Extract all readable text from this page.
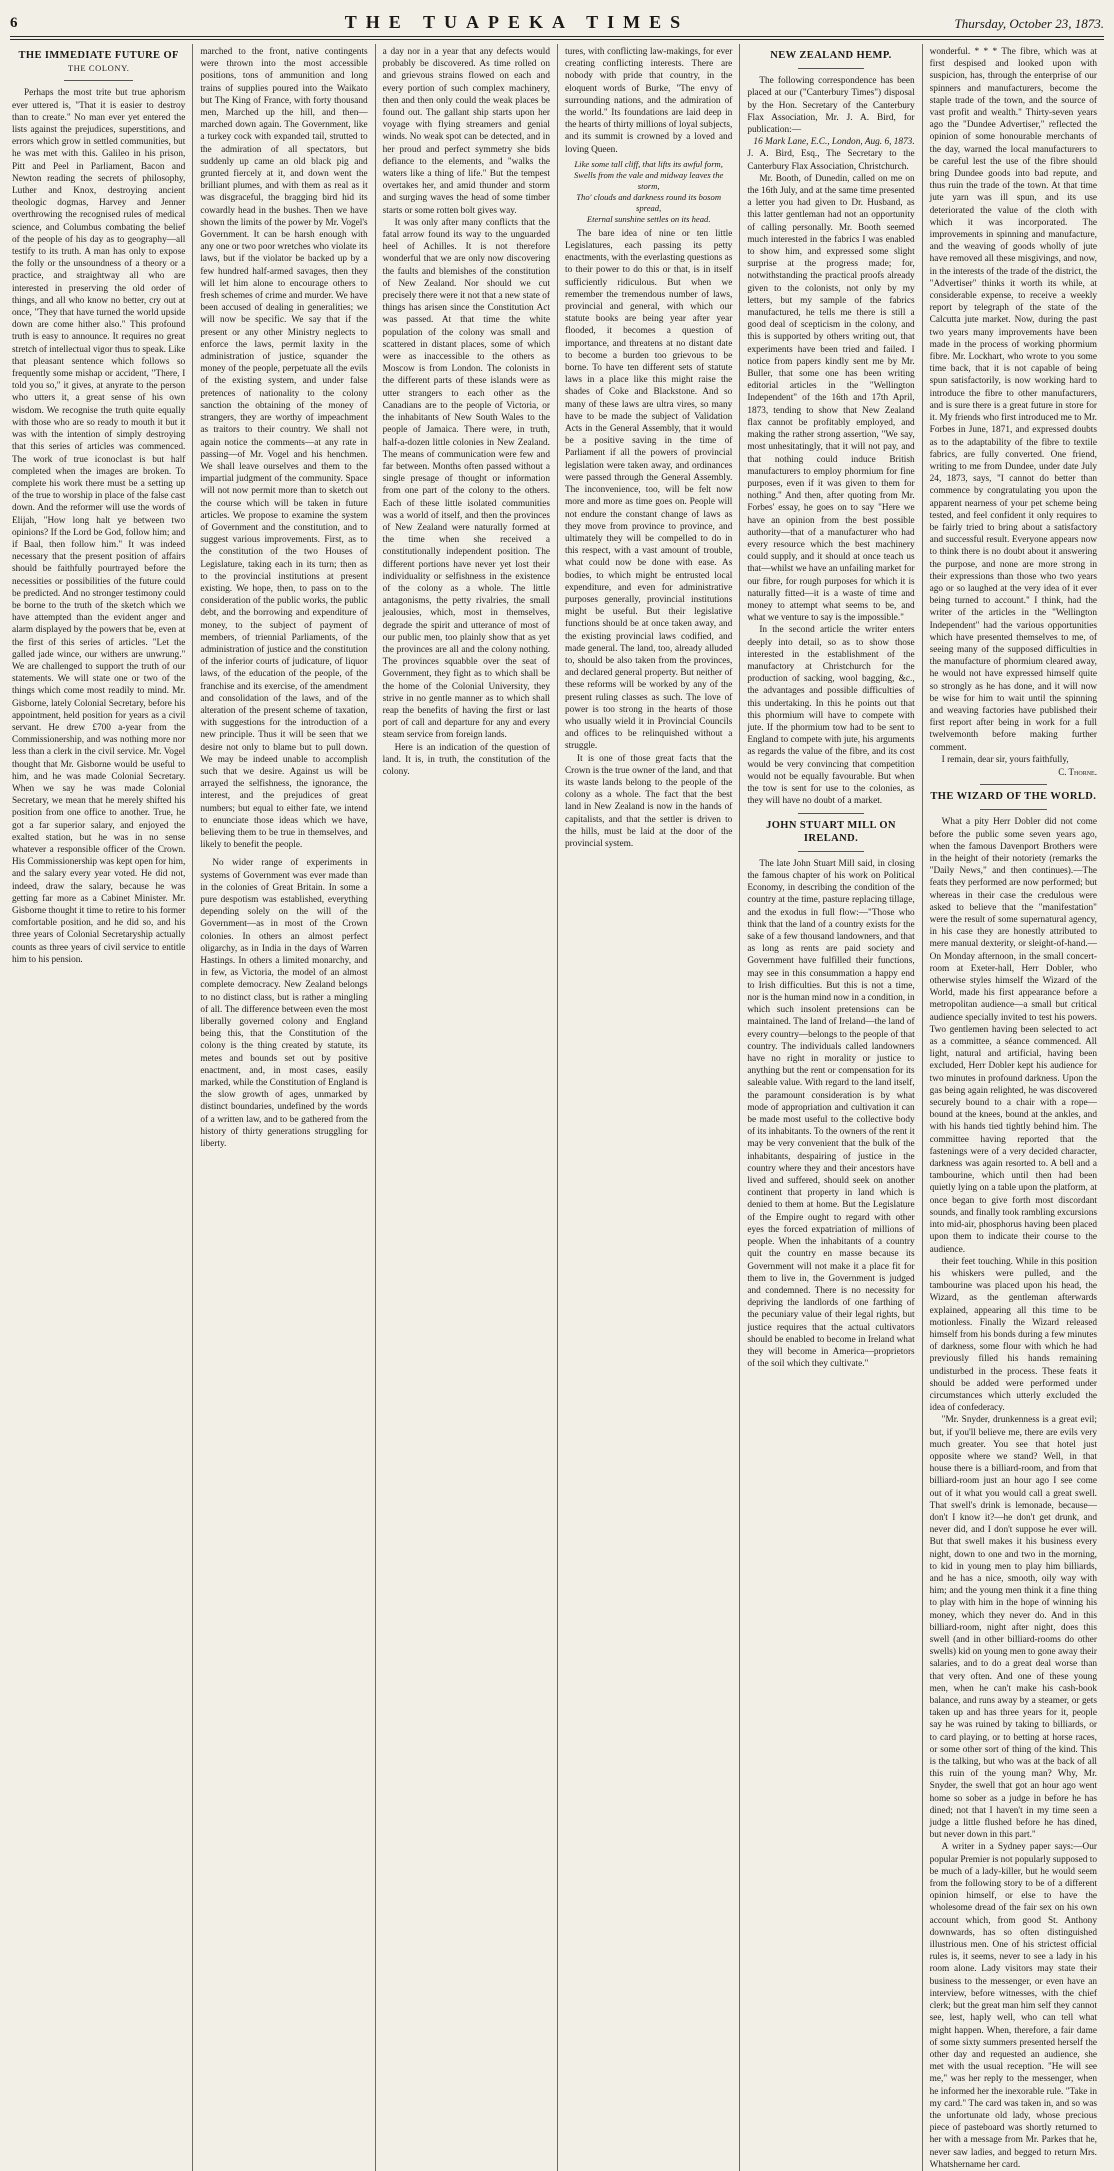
6	THE TUAPEKA TIMES	Thursday, October 23, 1873.
THE IMMEDIATE FUTURE OF
THE COLONY.

Perhaps the most trite but true aphorism ever uttered is, "That it is easier to destroy than to create." No man ever yet entered the lists against the prejudices, superstitions, and errors which grow in settled communities, but he was met with this. Galileo in his prison, Pitt and Peel in Parliament, Bacon and Newton reading the secrets of philosophy, Luther and Knox, destroying ancient theologic dogmas, Harvey and Jenner overthrowing the recognised rules of medical science, and Columbus combating the belief of the people of his day as to geography—all testify to its truth. A man has only to expose the folly or the unsoundness of a theory or a practice, and straightway all who are interested in preserving the old order of things, and all who know no better, cry out at once, "They that have turned the world upside down are come hither also." This profound truth is easy to announce. It requires no great stretch of intellectual vigor thus to speak. Like that pleasant sentence which follows so frequently some mishap or accident, "There, I told you so," it gives, at anyrate to the person who utters it, a great sense of his own wisdom. We recognise the truth quite equally with those who are so ready to mouth it but it was with the intention of simply destroying that this series of articles was commenced. The work of true iconoclast is but half completed when the images are broken. To complete his work there must be a setting up of the true to worship in place of the false cast down. And the reformer will use the words of Elijah, "How long halt ye between two opinions? If the Lord be God, follow him; and if Baal, then follow him." It was indeed necessary that the present position of affairs should be faithfully pourtrayed before the necessities or possibilities of the future could be predicted. And no stronger testimony could be borne to the truth of the sketch which we have attempted than the evident anger and alarm displayed by the powers that be, even at the first of this series of articles. "Let the galled jade wince, our withers are unwrung." We are challenged to support the truth of our statements. We will state one or two of the things which come most readily to mind. Mr. Gisborne, lately Colonial Secretary, before his appointment, held position for years as a civil servant. He drew £700 a-year from the Commissionership, and was nothing more nor less than a clerk in the civil service. Mr. Vogel thought that Mr. Gisborne would be useful to him, and he was made Colonial Secretary. When we say he was made Colonial Secretary, we mean that he merely shifted his position from one office to another. True, he got a far superior salary, and enjoyed the exalted station, but he was in no sense whatever a responsible officer of the Crown. His Commissionership was kept open for him, and the salary every year voted. He did not, indeed, draw the salary, because he was getting far more as a Cabinet Minister. Mr. Gisborne thought it time to retire to his former comfortable position, and he did so, and his three years of Colonial Secretaryship actually counts as three years of civil service to entitle him to his pension.

marched to the front, native contingents were thrown into the most accessible positions, tons of ammunition and long trains of supplies poured into the Waikato but The King of France, with forty thousand men, Marched up the hill, and then—marched down again. The Government, like a turkey cock with expanded tail, strutted to the admiration of all spectators, but suddenly up came an old black pig and grunted fiercely at it, and down went the brilliant plumes, and with them as real as it was disgraceful, the bragging bird hid its cowardly head in the bushes. Then we have shown the limits of the power by Mr. Vogel's Government. It can be harsh enough with any one or two poor wretches who violate its laws, but if the violator be backed up by a few hundred half-armed savages, then they will let him alone to encourage others to fresh schemes of crime and murder. We have been accused of dealing in generalities; we will now be specific. We say that if the present or any other Ministry neglects to enforce the laws, permit laxity in the administration of justice, squander the money of the people, perpetuate all the evils of the existing system, and under false pretences of nationality to the colony sanction the obtaining of the money of strangers, they are worthy of impeachment as traitors to their country. We shall not again notice the comments—at any rate in passing—of Mr. Vogel and his henchmen. We shall leave ourselves and them to the impartial judgment of the community. Space will not now permit more than to sketch out the course which will be taken in future articles. We propose to examine the system of Government and the constitution, and to suggest various improvements. First, as to the constitution of the two Houses of Legislature, taking each in its turn; then as to the provincial institutions at present existing. We hope, then, to pass on to the consideration of the public works, the public debt, and the borrowing and expenditure of money, to the subject of payment of members, of triennial Parliaments, of the administration of justice and the constitution of the inferior courts of judicature, of liquor laws, of the education of the people, of the franchise and its exercise, of the amendment and consolidation of the laws, and of the alteration of the present scheme of taxation, with suggestions for the introduction of a new principle. Thus it will be seen that we desire not only to blame but to pull down. We may be indeed unable to accomplish such that we desire. Against us will be arrayed the selfishness, the ignorance, the interest, and the prejudices of great numbers; but equal to either fate, we intend to enunciate those ideas which we have, believing them to be true in themselves, and likely to benefit the people.

No wider range of experiments in systems of Government was ever made than in the colonies of Great Britain. In some a pure despotism was established, everything depending solely on the will of the Government—as in most of the Crown colonies. In others an almost perfect oligarchy, as in India in the days of Warren Hastings. In others a limited monarchy, and in few, as Victoria, the model of an almost complete democracy. New Zealand belongs to no distinct class, but is rather a mingling of all. The difference between even the most liberally governed colony and England being this, that the Constitution of the colony is the thing created by statute, its metes and bounds set out by positive enactment, and, in most cases, easily marked, while the Constitution of England is the slow growth of ages, unmarked by distinct boundaries, undefined by the words of a written law, and to be gathered from the history of thirty generations struggling for liberty.

a day nor in a year that any defects would probably be discovered. As time rolled on and grievous strains flowed on each and every portion of such complex machinery, then and then only could the weak places be found out. The gallant ship starts upon her voyage with flying streamers and genial winds. No weak spot can be detected, and in her proud and perfect symmetry she bids defiance to the elements, and "walks the waters like a thing of life." But the tempest overtakes her, and amid thunder and storm and surging waves the head of some timber starts or some rotten bolt gives way.

It was only after many conflicts that the fatal arrow found its way to the unguarded heel of Achilles. It is not therefore wonderful that we are only now discovering the faults and blemishes of the constitution of New Zealand. Nor should we cut precisely there were it not that a new state of things has arisen since the Constitution Act was passed. At that time the white population of the colony was small and scattered in distant places, some of which were as inaccessible to the others as Moscow is from London. The colonists in the different parts of these islands were as utter strangers to each other as the Canadians are to the people of Victoria, or the inhabitants of New South Wales to the people of Jamaica. There were, in truth, half-a-dozen little colonies in New Zealand. The means of communication were few and far between. Months often passed without a single presage of thought or information from one part of the colony to the others. Each of these little isolated communities was a world of itself, and then the provinces of New Zealand were naturally formed at the time when she received a constitutionally independent position. The different portions have never yet lost their individuality or selfishness in the existence of the colony as a whole. The little antagonisms, the petty rivalries, the small jealousies, which, most in themselves, degrade the spirit and utterance of most of our public men, too plainly show that as yet the provinces are all and the colony nothing. The provinces squabble over the seat of Government, they fight as to which shall be the home of the Colonial University, they strive in no gentle manner as to which shall reap the benefits of having the first or last port of call and departure for any and every steam service from foreign lands.

Here is an indication of the question of land. It is, in truth, the constitution of the colony.

tures, with conflicting law-makings, for ever creating conflicting interests. There are nobody with pride that country, in the eloquent words of Burke, "The envy of surrounding nations, and the admiration of the world." Its foundations are laid deep in the hearts of thirty millions of loyal subjects, and its summit is crowned by a loved and loving Queen.

Like some tall cliff, that lifts its awful form,
Swells from the vale and midway leaves the storm,
Tho' clouds and darkness round its bosom spread,
Eternal sunshine settles on its head.

The bare idea of nine or ten little Legislatures, each passing its petty enactments, with the everlasting questions as to their power to do this or that, is in itself sufficiently ridiculous. But when we remember the tremendous number of laws, provincial and general, with which our statute books are being year after year flooded, it becomes a question of importance, and threatens at no distant date to become a burden too grievous to be borne. To have ten different sets of statute laws in a place like this might raise the shades of Coke and Blackstone. And so many of these laws are ultra vires, so many have to be made the subject of Validation Acts in the General Assembly, that it would be a positive saving in the time of Parliament if all the powers of provincial legislation were taken away, and ordinances were passed through the General Assembly. The inconvenience, too, will be felt now more and more as time goes on. People will not endure the constant change of laws as they move from province to province, and ultimately they will be compelled to do in this respect, with a vast amount of trouble, what could now be done with ease. As bodies, to which might be entrusted local expenditure, and even for administrative purposes generally, provincial institutions might be useful. But their legislative functions should be at once taken away, and the existing provincial laws codified, and made general. The land, too, already alluded to, should be also taken from the provinces, and declared general property. But neither of these reforms will be worked by any of the present ruling classes as such. The love of power is too strong in the hearts of those who usually wield it in Provincial Councils and offices to be relinquished without a struggle.

It is one of those great facts that the Crown is the true owner of the land, and that its waste lands belong to the people of the colony as a whole. The fact that the best land in New Zealand is now in the hands of capitalists, and that the settler is driven to the hills, must be laid at the door of the provincial system.

NEW ZEALAND HEMP.

The following correspondence has been placed at our ("Canterbury Times") disposal by the Hon. Secretary of the Canterbury Flax Association, Mr. J. A. Bird, for publication:—

16 Mark Lane, E.C., London, Aug. 6, 1873.

J. A. Bird, Esq., The Secretary to the Canterbury Flax Association, Christchurch.

Mr. Booth, of Dunedin, called on me on the 16th July, and at the same time presented a letter you had given to Dr. Husband, as this latter gentleman had not an opportunity of calling personally. Mr. Booth seemed much interested in the fabrics I was enabled to show him, and expressed some slight surprise at the progress made; for, notwithstanding the practical proofs already given to the colonists, not only by my letters, but my sample of the fabrics manufactured, he tells me there is still a good deal of scepticism in the colony, and this is supported by others writing out, that experiments have been tried and failed. I notice from papers kindly sent me by Mr. Buller, that some one has been writing editorial articles in the "Wellington Independent" of the 16th and 17th April, 1873, tending to show that New Zealand flax cannot be profitably employed, and making the rather strong assertion, "We say, most unhesitatingly, that it will not pay, and that nothing could induce British manufacturers to employ phormium for fine purposes, even if it was given to them for nothing." And then, after quoting from Mr. Forbes' essay, he goes on to say "Here we have an opinion from the best possible authority—that of a manufacturer who had every resource which the best machinery could supply, and it should at once teach us that—whilst we have an unfailing market for our fibre, for rough purposes for which it is naturally fitted—it is a waste of time and money to attempt what seems to be, and what we venture to say is the impossible."

In the second article the writer enters deeply into detail, so as to show those interested in the establishment of the manufactory at Christchurch for the production of sacking, wool bagging, &c., the advantages and possible difficulties of this undertaking. In this he points out that this phormium will have to compete with jute. If the phormium tow had to be sent to England to compete with jute, his arguments as regards the value of the fibre, and its cost would be very convincing that competition would not be equally favourable. But when the tow is sent for use to the colonies, as they will have no doubt of a market.

JOHN STUART MILL ON IRELAND.

The late John Stuart Mill said, in closing the famous chapter of his work on Political Economy, in describing the condition of the country at the time, pasture replacing tillage, and the exodus in full flow:—"Those who think that the land of a country exists for the sake of a few thousand landowners, and that as long as rents are paid society and Government have fulfilled their functions, may see in this consummation a happy end to Irish difficulties. But this is not a time, nor is the human mind now in a condition, in which such insolent pretensions can be maintained. The land of Ireland—the land of every country—belongs to the people of that country. The individuals called landowners have no right in morality or justice to anything but the rent or compensation for its saleable value. With regard to the land itself, the paramount consideration is by what mode of appropriation and cultivation it can be made most useful to the collective body of its inhabitants. To the owners of the rent it may be very convenient that the bulk of the inhabitants, despairing of justice in the country where they and their ancestors have lived and suffered, should seek on another continent that property in land which is denied to them at home. But the Legislature of the Empire ought to regard with other eyes the forced expatriation of millions of people. When the inhabitants of a country quit the country en masse because its Government will not make it a place fit for them to live in, the Government is judged and condemned. There is no necessity for depriving the landlords of one farthing of the pecuniary value of their legal rights, but justice requires that the actual cultivators should be enabled to become in Ireland what they will become in America—proprietors of the soil which they cultivate."

wonderful. * * * The fibre, which was at first despised and looked upon with suspicion, has, through the enterprise of our spinners and manufacturers, become the staple trade of the town, and the source of vast profit and wealth." Thirty-seven years ago the "Dundee Advertiser," reflected the opinion of some honourable merchants of the day, warned the local manufacturers to be careful lest the use of the fibre should bring Dundee goods into bad repute, and thus ruin the trade of the town. At that time jute yarn was ill spun, and its use deteriorated the value of the cloth with which it was incorporated. The improvements in spinning and manufacture, and the weaving of goods wholly of jute have removed all these misgivings, and now, in the interests of the trade of the district, the "Advertiser" thinks it worth its while, at considerable expense, to receive a weekly report by telegraph of the state of the Calcutta jute market. Now, during the past two years many improvements have been made in the process of working phormium fibre. Mr. Lockhart, who wrote to you some time back, that it is not capable of being spun satisfactorily, is now working hard to introduce the fibre to other manufacturers, and is sure there is a great future in store for it. My friends who first introduced me to Mr. Forbes in June, 1871, and expressed doubts as to the adaptability of the fibre to textile fabrics, are fully converted. One friend, writing to me from Dundee, under date July 24, 1873, says, "I cannot do better than commence by congratulating you upon the apparent nearness of your pet scheme being tested, and feel confident it only requires to be fairly tried to bring about a satisfactory and successful result. Everyone appears now to think there is no doubt about it answering the purpose, and none are more strong in their expressions than those who two years ago or so laughed at the very idea of it ever being turned to account." I think, had the writer of the articles in the "Wellington Independent" had the various opportunities which have presented themselves to me, of seeing many of the supposed difficulties in the manufacture of phormium cleared away, he would not have expressed himself quite so strongly as he has done, and it will now be wise for him to wait until the spinning and weaving factories have published their first report after being in work for a full twelvemonth before making further comment.

I remain, dear sir, yours faithfully,

C. Thorne.
THE WIZARD OF THE WORLD.

What a pity Herr Dobler did not come before the public some seven years ago, when the famous Davenport Brothers were in the height of their notoriety (remarks the "Daily News," and then continues).—The feats they performed are now performed; but whereas in their case the credulous were asked to believe that the "manifestation" were the result of some supernatural agency, in his case they are honestly attributed to mere manual dexterity, or sleight-of-hand.—On Monday afternoon, in the small concert-room at Exeter-hall, Herr Dobler, who otherwise styles himself the Wizard of the World, made his first appearance before a metropolitan audience—a small but critical audience specially invited to test his powers. Two gentlemen having been selected to act as a committee, a séance commenced. All light, natural and artificial, having been excluded, Herr Dobler kept his audience for two minutes in profound darkness. Upon the gas being again relighted, he was discovered securely bound to a chair with a rope—bound at the knees, bound at the ankles, and with his hands tied tightly behind him. The committee having reported that the fastenings were of a very decided character, darkness was again resorted to. A bell and a tambourine, which until then had been quietly lying on a table upon the platform, at once began to give forth most discordant sounds, and finally took rambling excursions into mid-air, phosphorus having been placed upon them to indicate their course to the audience.

their feet touching. While in this position his whiskers were pulled, and the tambourine was placed upon his head, the Wizard, as the gentleman afterwards explained, appearing all this time to be motionless. Finally the Wizard released himself from his bonds during a few minutes of darkness, some flour with which he had previously filled his hands remaining undisturbed in the process. These feats it should be added were performed under circumstances which utterly excluded the idea of confederacy.

"Mr. Snyder, drunkenness is a great evil; but, if you'll believe me, there are evils very much greater. You see that hotel just opposite where we stand? Well, in that house there is a billiard-room, and from that billiard-room just an hour ago I see come out of it what you would call a great swell. That swell's drink is lemonade, because—don't I know it?—he don't get drunk, and never did, and I don't suppose he ever will. But that swell makes it his business every night, down to one and two in the morning, to kid in young men to play him billiards, and he has a nice, smooth, oily way with him; and the young men think it a fine thing to play with him in the hope of winning his money, which they never do. And in this billiard-room, night after night, does this swell (and in other billiard-rooms do other swells) kid on young men to gone away their salaries, and to do a great deal worse than that very often. And one of these young men, when he can't make his cash-book balance, and runs away by a steamer, or gets taken up and has three years for it, people say he was ruined by taking to billiards, or to card playing, or to betting at horse races, or some other sort of thing of the kind. This is the talking, but who was at the back of all this ruin of the young man? Why, Mr. Snyder, the swell that got an hour ago went home so sober as a judge in before he has dined; not that I haven't in my time seen a judge a little flushed before he has dined, but never down in this part."

A writer in a Sydney paper says:—Our popular Premier is not popularly supposed to be much of a lady-killer, but he would seem from the following story to be of a different opinion himself, or else to have the wholesome dread of the fair sex on his own account which, from good St. Anthony downwards, has so often distinguished illustrious men. One of his strictest official rules is, it seems, never to see a lady in his room alone. Lady visitors may state their business to the messenger, or even have an interview, before witnesses, with the chief clerk; but the great man him self they cannot see, lest, haply well, who can tell what might happen. When, therefore, a fair dame of some sixty summers presented herself the other day and requested an audience, she met with the usual reception. "He will see me," was her reply to the messenger, when he informed her the inexorable rule. "Take in my card." The card was taken in, and so was the unfortunate old lady, whose precious piece of pasteboard was shortly returned to her with a message from Mr. Parkes that he, never saw ladies, and begged to return Mrs. Whatshername her card.
